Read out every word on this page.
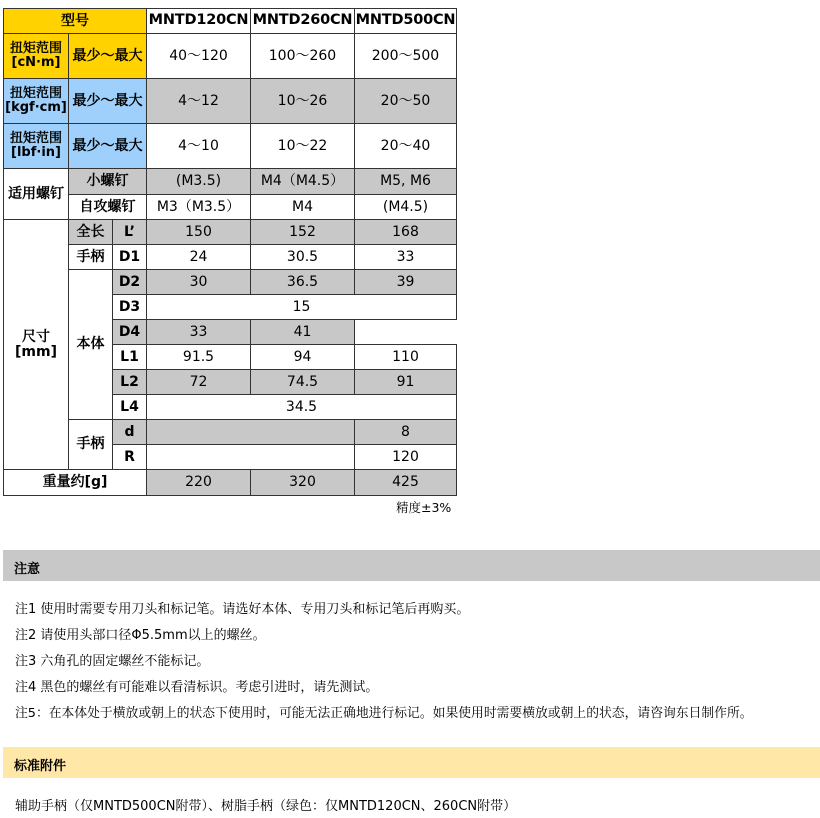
型号			MNTD120CN	MNTD260CN	MNTD500CN
扭矩范围
[cN·m]	最少～最大		40～120	100～260	200～500
扭矩范围
[kgf·cm]	最少～最大		4～12	10～26	20～50
扭矩范围
[lbf·in]	最少～最大		4～10	10～22	20～40
适用螺钉	小螺钉		(M3.5)	M4（M4.5）	M5, M6
	自攻螺钉		M3（M3.5）	M4	(M4.5)
尺寸
[mm]	全长	L’	150	152	168
	手柄	D1	24	30.5	33
	本体	D2	30	36.5	39
		D3	15		
		D4	33	41	
		L1	91.5	94	110
		L2	72	74.5	91
		L4	34.5		
	手柄	d			8
		R			120
重量约[g]			220	320	425
精度±3%
注意
注1 使用时需要专用刀头和标记笔。请选好本体、专用刀头和标记笔后再购买。
注2 请使用头部口径Φ5.5mm以上的螺丝。
注3 六角孔的固定螺丝不能标记。
注4 黑色的螺丝有可能难以看清标识。考虑引进时，请先测试。
注5：在本体处于横放或朝上的状态下使用时，可能无法正确地进行标记。如果使用时需要横放或朝上的状态，请咨询东日制作所。
标准附件
辅助手柄（仅MNTD500CN附带）、树脂手柄（绿色：仅MNTD120CN、260CN附带）
